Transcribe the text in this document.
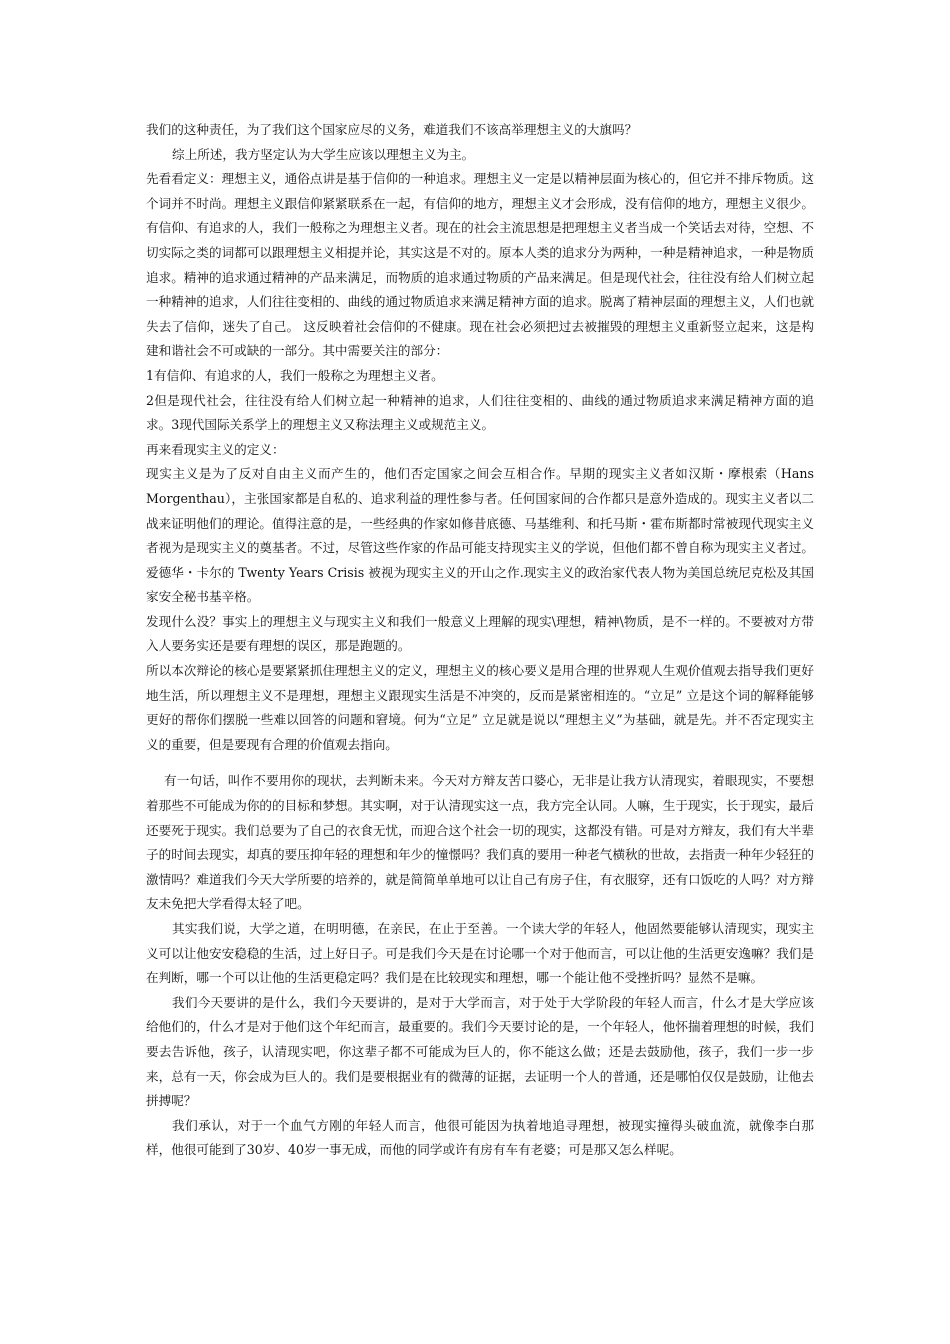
我们的这种责任，为了我们这个国家应尽的义务，难道我们不该高举理想主义的大旗吗？

综上所述，我方坚定认为大学生应该以理想主义为主。

先看看定义：理想主义，通俗点讲是基于信仰的一种追求。理想主义一定是以精神层面为核心的，但它并不排斥物质。这个词并不时尚。理想主义跟信仰紧紧联系在一起，有信仰的地方，理想主义才会形成，没有信仰的地方，理想主义很少。有信仰、有追求的人，我们一般称之为理想主义者。现在的社会主流思想是把理想主义者当成一个笑话去对待，空想、不切实际之类的词都可以跟理想主义相提并论，其实这是不对的。原本人类的追求分为两种，一种是精神追求，一种是物质追求。精神的追求通过精神的产品来满足，而物质的追求通过物质的产品来满足。但是现代社会，往往没有给人们树立起一种精神的追求，人们往往变相的、曲线的通过物质追求来满足精神方面的追求。脱离了精神层面的理想主义，人们也就失去了信仰，迷失了自己。 这反映着社会信仰的不健康。现在社会必须把过去被摧毁的理想主义重新竖立起来，这是构建和谐社会不可或缺的一部分。其中需要关注的部分：

1有信仰、有追求的人，我们一般称之为理想主义者。

2但是现代社会，往往没有给人们树立起一种精神的追求，人们往往变相的、曲线的通过物质追求来满足精神方面的追求。3现代国际关系学上的理想主义又称法理主义或规范主义。

再来看现实主义的定义：

现实主义是为了反对自由主义而产生的，他们否定国家之间会互相合作。早期的现实主义者如汉斯・摩根索（Hans Morgenthau），主张国家都是自私的、追求利益的理性参与者。任何国家间的合作都只是意外造成的。现实主义者以二战来证明他们的理论。值得注意的是，一些经典的作家如修昔底德、马基维利、和托马斯・霍布斯都时常被现代现实主义者视为是现实主义的奠基者。不过，尽管这些作家的作品可能支持现实主义的学说，但他们都不曾自称为现实主义者过。爱德华・卡尔的 Twenty Years Crisis 被视为现实主义的开山之作.现实主义的政治家代表人物为美国总统尼克松及其国家安全秘书基辛格。

发现什么没？事实上的理想主义与现实主义和我们一般意义上理解的现实\理想，精神\物质，是不一样的。不要被对方带入人要务实还是要有理想的误区，那是跑题的。

所以本次辩论的核心是要紧紧抓住理想主义的定义，理想主义的核心要义是用合理的世界观人生观价值观去指导我们更好地生活，所以理想主义不是理想，理想主义跟现实生活是不冲突的，反而是紧密相连的。“立足” 立是这个词的解释能够更好的帮你们摆脱一些难以回答的问题和窘境。何为“立足” 立足就是说以“理想主义”为基础，就是先。并不否定现实主义的重要，但是要现有合理的价值观去指向。

有一句话，叫作不要用你的现状，去判断未来。今天对方辩友苦口婆心，无非是让我方认清现实，着眼现实，不要想着那些不可能成为你的的目标和梦想。其实啊，对于认清现实这一点，我方完全认同。人嘛，生于现实，长于现实，最后还要死于现实。我们总要为了自己的衣食无忧，而迎合这个社会一切的现实，这都没有错。可是对方辩友，我们有大半辈子的时间去现实，却真的要压抑年轻的理想和年少的憧憬吗？我们真的要用一种老气横秋的世故，去指责一种年少轻狂的激情吗？难道我们今天大学所要的培养的，就是简简单单地可以让自己有房子住，有衣服穿，还有口饭吃的人吗？对方辩友未免把大学看得太轻了吧。

其实我们说，大学之道，在明明德，在亲民，在止于至善。一个读大学的年轻人，他固然要能够认清现实，现实主义可以让他安安稳稳的生活，过上好日子。可是我们今天是在讨论哪一个对于他而言，可以让他的生活更安逸嘛？我们是在判断，哪一个可以让他的生活更稳定吗？我们是在比较现实和理想，哪一个能让他不受挫折吗？显然不是嘛。

我们今天要讲的是什么，我们今天要讲的，是对于大学而言，对于处于大学阶段的年轻人而言，什么才是大学应该给他们的，什么才是对于他们这个年纪而言，最重要的。我们今天要讨论的是，一个年轻人，他怀揣着理想的时候，我们要去告诉他，孩子，认清现实吧，你这辈子都不可能成为巨人的，你不能这么做；还是去鼓励他，孩子，我们一步一步来，总有一天，你会成为巨人的。我们是要根据业有的微薄的证据，去证明一个人的普通，还是哪怕仅仅是鼓励，让他去拼搏呢？

我们承认，对于一个血气方刚的年轻人而言，他很可能因为执着地追寻理想，被现实撞得头破血流，就像李白那样，他很可能到了30岁、40岁一事无成，而他的同学或许有房有车有老婆；可是那又怎么样呢。
